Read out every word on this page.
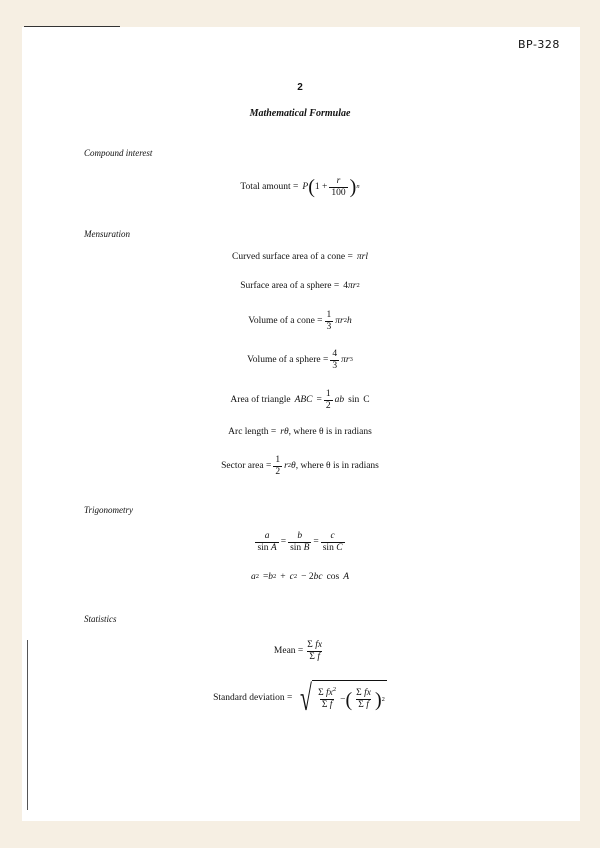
BP-328
2
Mathematical Formulae
Compound interest
Total amount = P ( $1 + \frac{r}{100}$ ) n
Mensuration
Curved surface area of a cone = πrl
Surface area of a sphere = 4 πr 2
Volume of a cone = $\frac{1}{3}$ πr 2 h
Volume of a sphere = $\frac{4}{3}$ πr 3
Area of triangle ABC = $\frac{1}{2}$ ab sin C
Arc length = rθ , where θ is in radians
Sector area = $\frac{1}{2}$ r 2 θ , where θ is in radians
Trigonometry
$\frac{a}{\text{sin A}} = \frac{b}{\text{sin B}} = \frac{c}{\text{sin C}}$
a 2 = b 2 + c 2 − 2 bc cos A
Statistics
Mean = $\frac{\text{Σ fx}}{\text{Σ f}}$
Standard deviation = √ $\frac{\Sigma fx^2}{\text{Σ f}}$ − ( $\frac{\text{Σ fx}}{\text{Σ f}}$ ) 2
